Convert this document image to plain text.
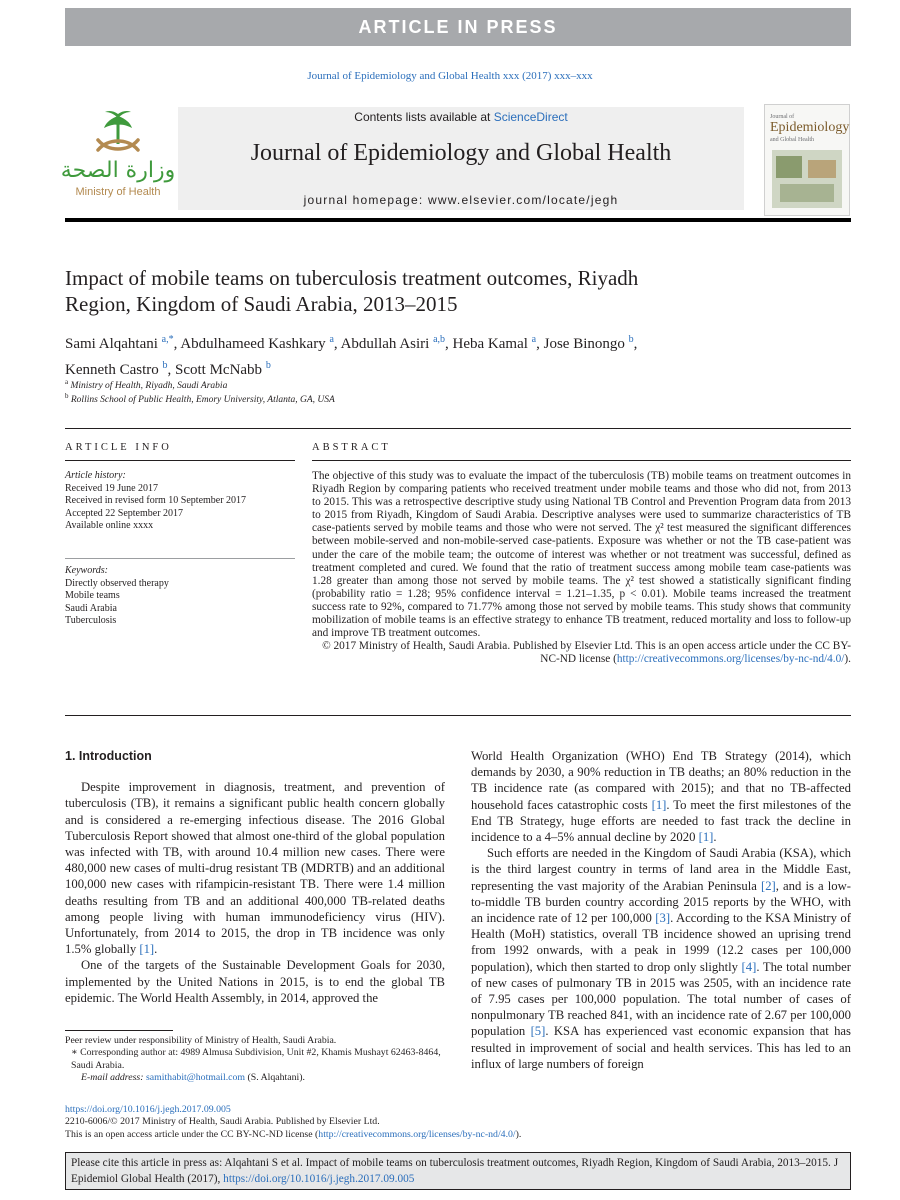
ARTICLE IN PRESS
Journal of Epidemiology and Global Health xxx (2017) xxx–xxx
وزارة الصحة
Ministry of Health
Contents lists available at ScienceDirect
Journal of Epidemiology and Global Health
journal homepage: www.elsevier.com/locate/jegh
Journal of
Epidemiology
and Global Health
Impact of mobile teams on tuberculosis treatment outcomes, Riyadh
Region, Kingdom of Saudi Arabia, 2013–2015
Sami Alqahtani $^{a,*}$, Abdulhameed Kashkary $^a$, Abdullah Asiri $^{a,b}$, Heba Kamal $^a$, Jose Binongo $^b$,
Kenneth Castro $^b$, Scott McNabb $^b$
$^a$ Ministry of Health, Riyadh, Saudi Arabia
$^b$ Rollins School of Public Health, Emory University, Atlanta, GA, USA
ARTICLE INFO
Article history:
Received 19 June 2017
Received in revised form 10 September 2017
Accepted 22 September 2017
Available online xxxx
Keywords:
Directly observed therapy
Mobile teams
Saudi Arabia
Tuberculosis
ABSTRACT

The objective of this study was to evaluate the impact of the tuberculosis (TB) mobile teams on treatment outcomes in Riyadh Region by comparing patients who received treatment under mobile teams and those who did not, from 2013 to 2015. This was a retrospective descriptive study using National TB Control and Prevention Program data from 2013 to 2015 from Riyadh, Kingdom of Saudi Arabia. Descriptive analyses were used to summarize characteristics of TB case-patients served by mobile teams and those who were not served. The χ² test measured the significant differences between mobile-served and non-mobile-served case-patients. Exposure was whether or not the TB case-patient was under the care of the mobile team; the outcome of interest was whether or not treatment was successful, defined as treatment completed and cured. We found that the ratio of treatment success among mobile team case-patients was 1.28 greater than among those not served by mobile teams. The χ² test showed a statistically significant finding (probability ratio = 1.28; 95% confidence interval = 1.21–1.35, p < 0.01). Mobile teams increased the treatment success rate to 92%, compared to 71.77% among those not served by mobile teams. This study shows that community mobilization of mobile teams is an effective strategy to enhance TB treatment, reduced mortality and loss to follow-up and improve TB treatment outcomes.

© 2017 Ministry of Health, Saudi Arabia. Published by Elsevier Ltd. This is an open access article under the CC BY-NC-ND license (http://creativecommons.org/licenses/by-nc-nd/4.0/).

1. Introduction

Despite improvement in diagnosis, treatment, and prevention of tuberculosis (TB), it remains a significant public health concern globally and is considered a re-emerging infectious disease. The 2016 Global Tuberculosis Report showed that almost one-third of the global population was infected with TB, with around 10.4 million new cases. There were 480,000 new cases of multi-drug resistant TB (MDRTB) and an additional 100,000 new cases with rifampicin-resistant TB. There were 1.4 million deaths resulting from TB and an additional 400,000 TB-related deaths among people living with human immunodeficiency virus (HIV). Unfortunately, from 2014 to 2015, the drop in TB incidence was only 1.5% globally [1].

One of the targets of the Sustainable Development Goals for 2030, implemented by the United Nations in 2015, is to end the global TB epidemic. The World Health Assembly, in 2014, approved the

World Health Organization (WHO) End TB Strategy (2014), which demands by 2030, a 90% reduction in TB deaths; an 80% reduction in the TB incidence rate (as compared with 2015); and that no TB-affected household faces catastrophic costs [1]. To meet the first milestones of the End TB Strategy, huge efforts are needed to fast track the decline in incidence to a 4–5% annual decline by 2020 [1].

Such efforts are needed in the Kingdom of Saudi Arabia (KSA), which is the third largest country in terms of land area in the Middle East, representing the vast majority of the Arabian Peninsula [2], and is a low-to-middle TB burden country according 2015 reports by the WHO, with an incidence rate of 12 per 100,000 [3]. According to the KSA Ministry of Health (MoH) statistics, overall TB incidence showed an uprising trend from 1992 onwards, with a peak in 1999 (12.2 cases per 100,000 population), which then started to drop only slightly [4]. The total number of new cases of pulmonary TB in 2015 was 2505, with an incidence rate of 7.95 cases per 100,000 population. The total number of cases of nonpulmonary TB reached 841, with an incidence rate of 2.67 per 100,000 population [5]. KSA has experienced vast economic expansion that has resulted in improvement of social and health services. This has led to an influx of large numbers of foreign

Peer review under responsibility of Ministry of Health, Saudi Arabia.
∗ Corresponding author at: 4989 Almusa Subdivision, Unit #2, Khamis Mushayt 62463-8464, Saudi Arabia.
E-mail address: samithabit@hotmail.com (S. Alqahtani).
https://doi.org/10.1016/j.jegh.2017.09.005
2210-6006/© 2017 Ministry of Health, Saudi Arabia. Published by Elsevier Ltd.
This is an open access article under the CC BY-NC-ND license (http://creativecommons.org/licenses/by-nc-nd/4.0/).
Please cite this article in press as: Alqahtani S et al. Impact of mobile teams on tuberculosis treatment outcomes, Riyadh Region, Kingdom of Saudi Arabia, 2013–2015. J Epidemiol Global Health (2017), https://doi.org/10.1016/j.jegh.2017.09.005
